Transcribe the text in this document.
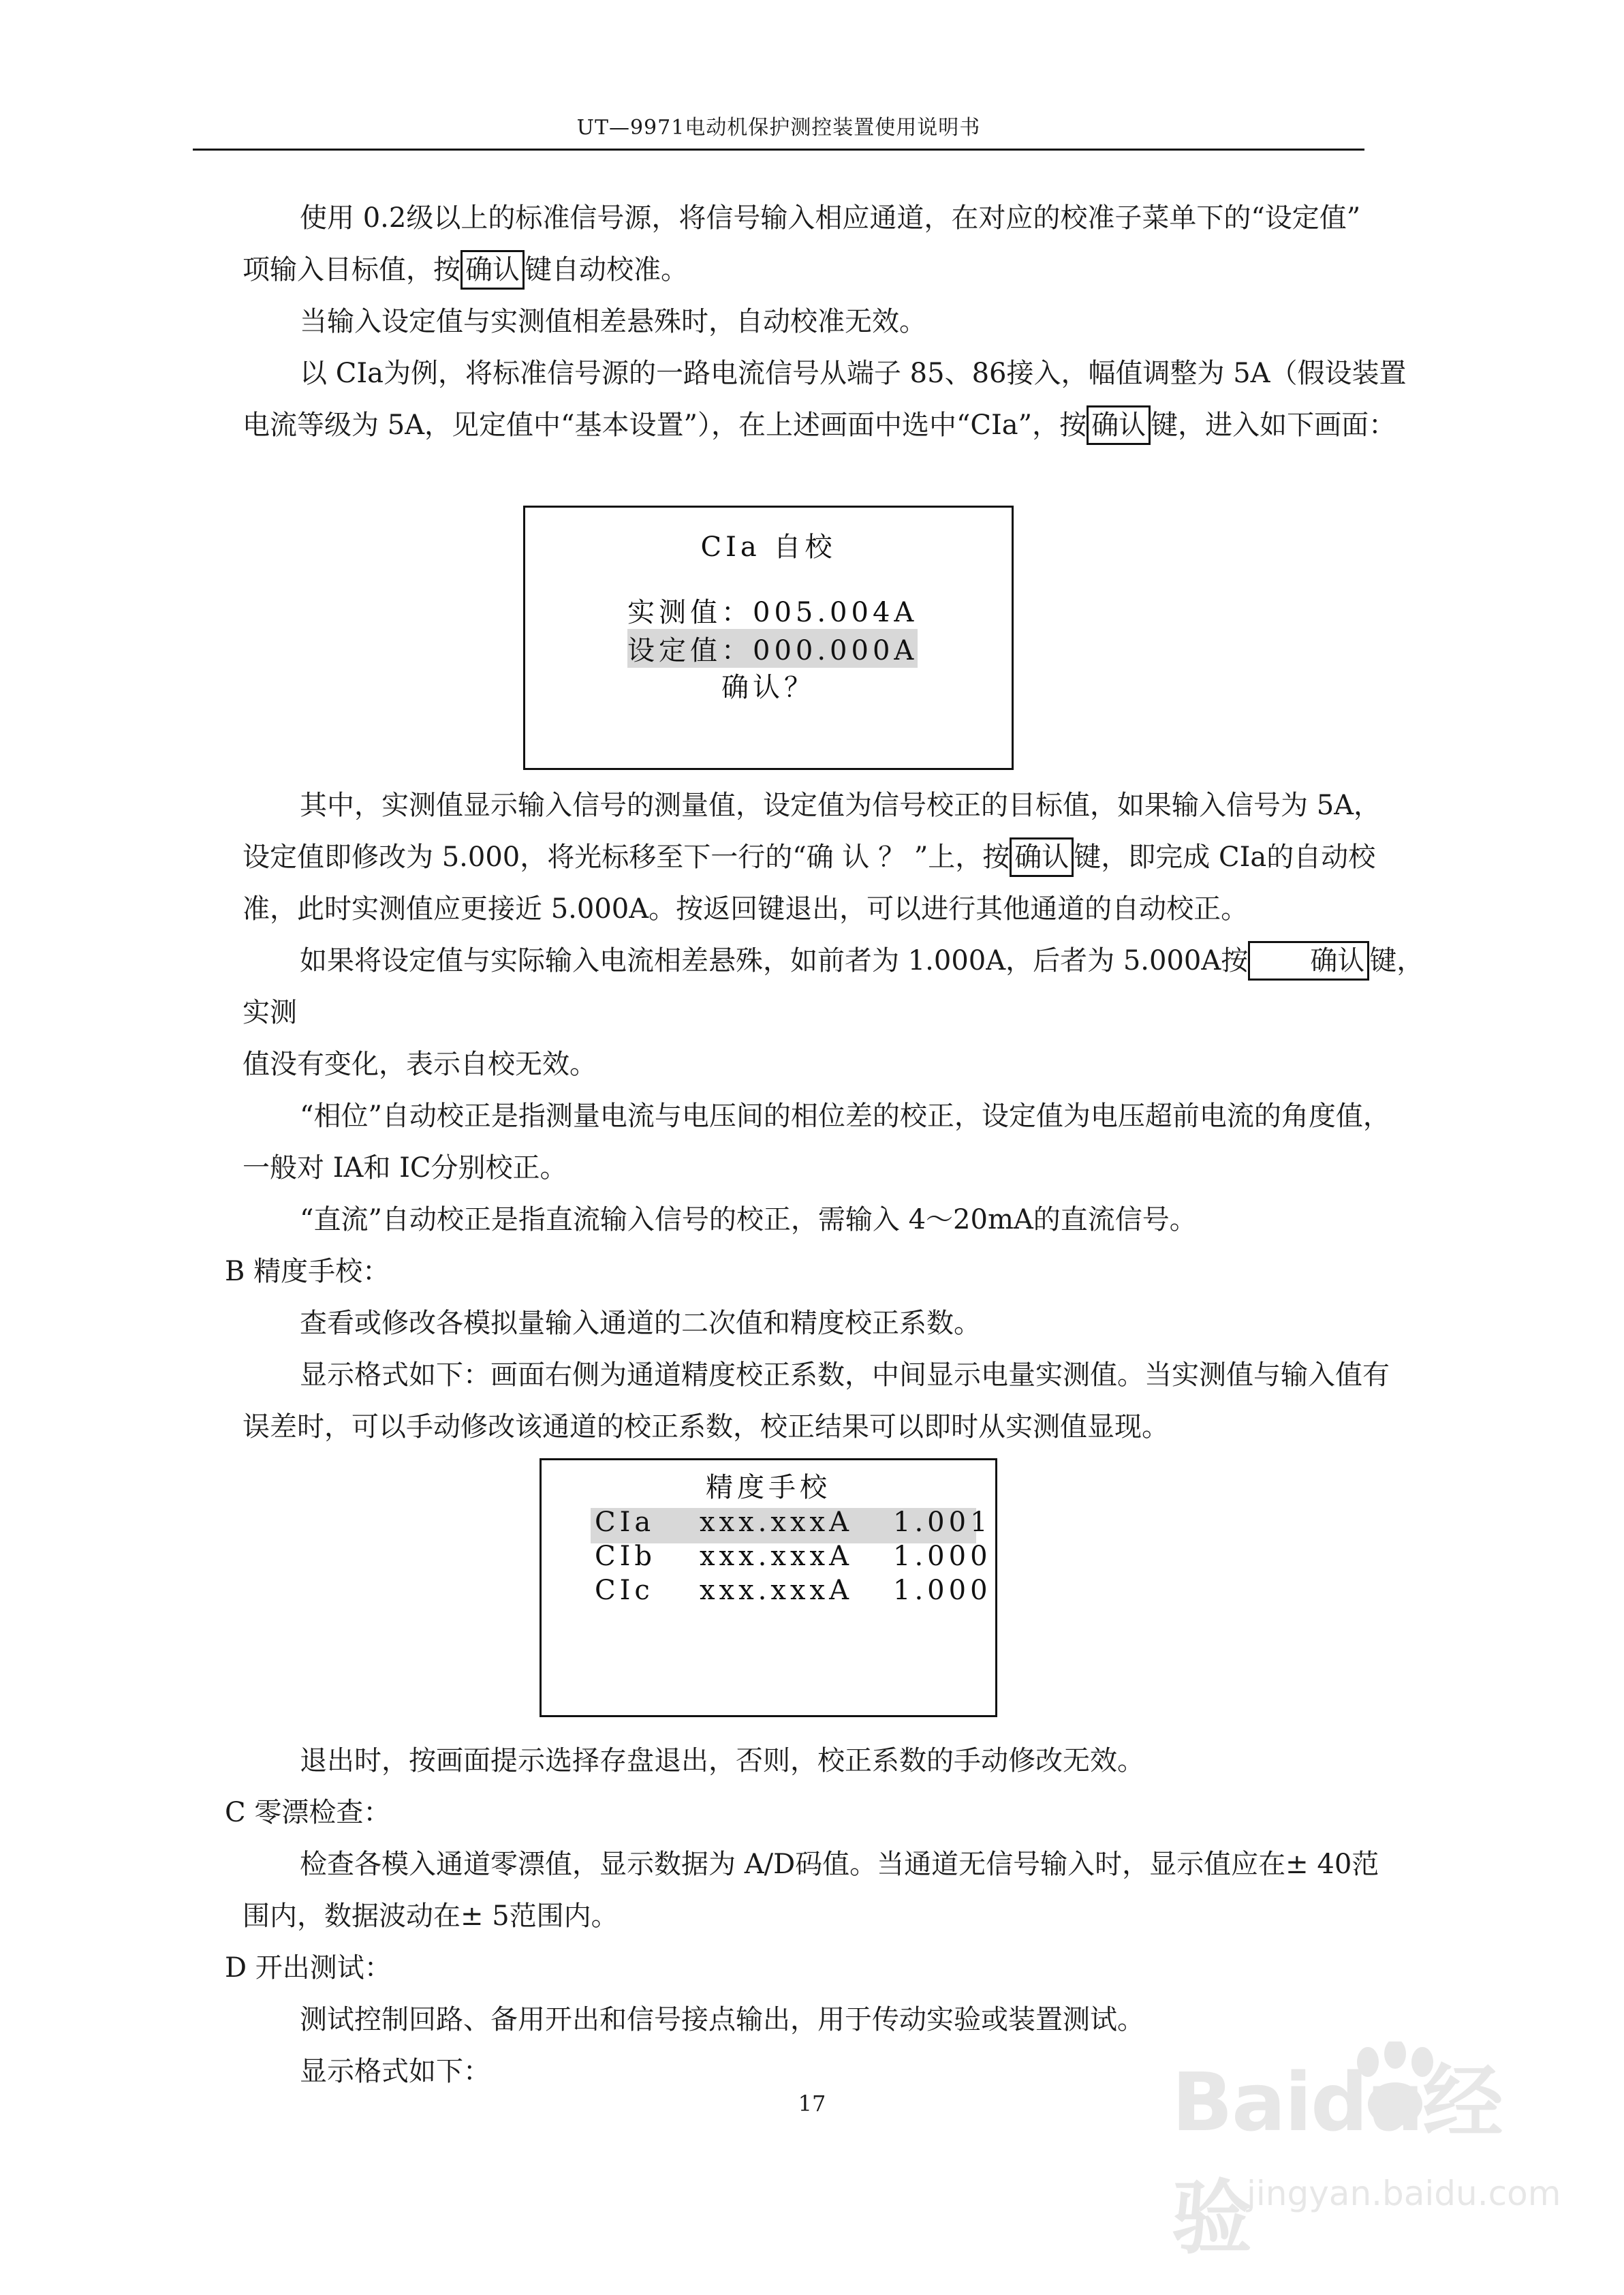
UT—9971电动机保护测控装置使用说明书

使用 0.2级以上的标准信号源，将信号输入相应通道，在对应的校准子菜单下的“设定值”

项输入目标值，按 确认 键自动校准。

当输入设定值与实测值相差悬殊时，自动校准无效。

以 CIa为例，将标准信号源的一路电流信号从端子 85、86接入，幅值调整为 5A（假设装置

电流等级为 5A，见定值中“基本设置”），在上述画面中选中“CIa”，按 确认 键，进入如下画面：

CIa 自校
实测值：005.004A
设定值：000.000A
确认？

其中，实测值显示输入信号的测量值，设定值为信号校正的目标值，如果输入信号为 5A，

设定值即修改为 5.000，将光标移至下一行的“确 认 ？ ”上，按 确认 键，即完成 CIa的自动校

准，此时实测值应更接近 5.000A。按返回键退出，可以进行其他通道的自动校正。

如果将设定值与实际输入电流相差悬殊，如前者为 1.000A，后者为 5.000A按 确认 键，实测

值没有变化，表示自校无效。

“相位”自动校正是指测量电流与电压间的相位差的校正，设定值为电压超前电流的角度值，

一般对 IA和 IC分别校正。

“直流”自动校正是指直流输入信号的校正，需输入 4～20mA的直流信号。

B 精度手校：

查看或修改各模拟量输入通道的二次值和精度校正系数。

显示格式如下：画面右侧为通道精度校正系数，中间显示电量实测值。当实测值与输入值有

误差时，可以手动修改该通道的校正系数，校正结果可以即时从实测值显现。

精度手校
CIa xxx.xxxA 1.001
CIb xxx.xxxA 1.000
CIc xxx.xxxA 1.000

退出时，按画面提示选择存盘退出，否则，校正系数的手动修改无效。

C 零漂检查：

检查各模入通道零漂值，显示数据为 A/D码值。当通道无信号输入时，显示值应在± 40范

围内，数据波动在± 5范围内。

D 开出测试：

测试控制回路、备用开出和信号接点输出，用于传动实验或装置测试。

显示格式如下：

17	Baidu经验
jingyan.baidu.com
